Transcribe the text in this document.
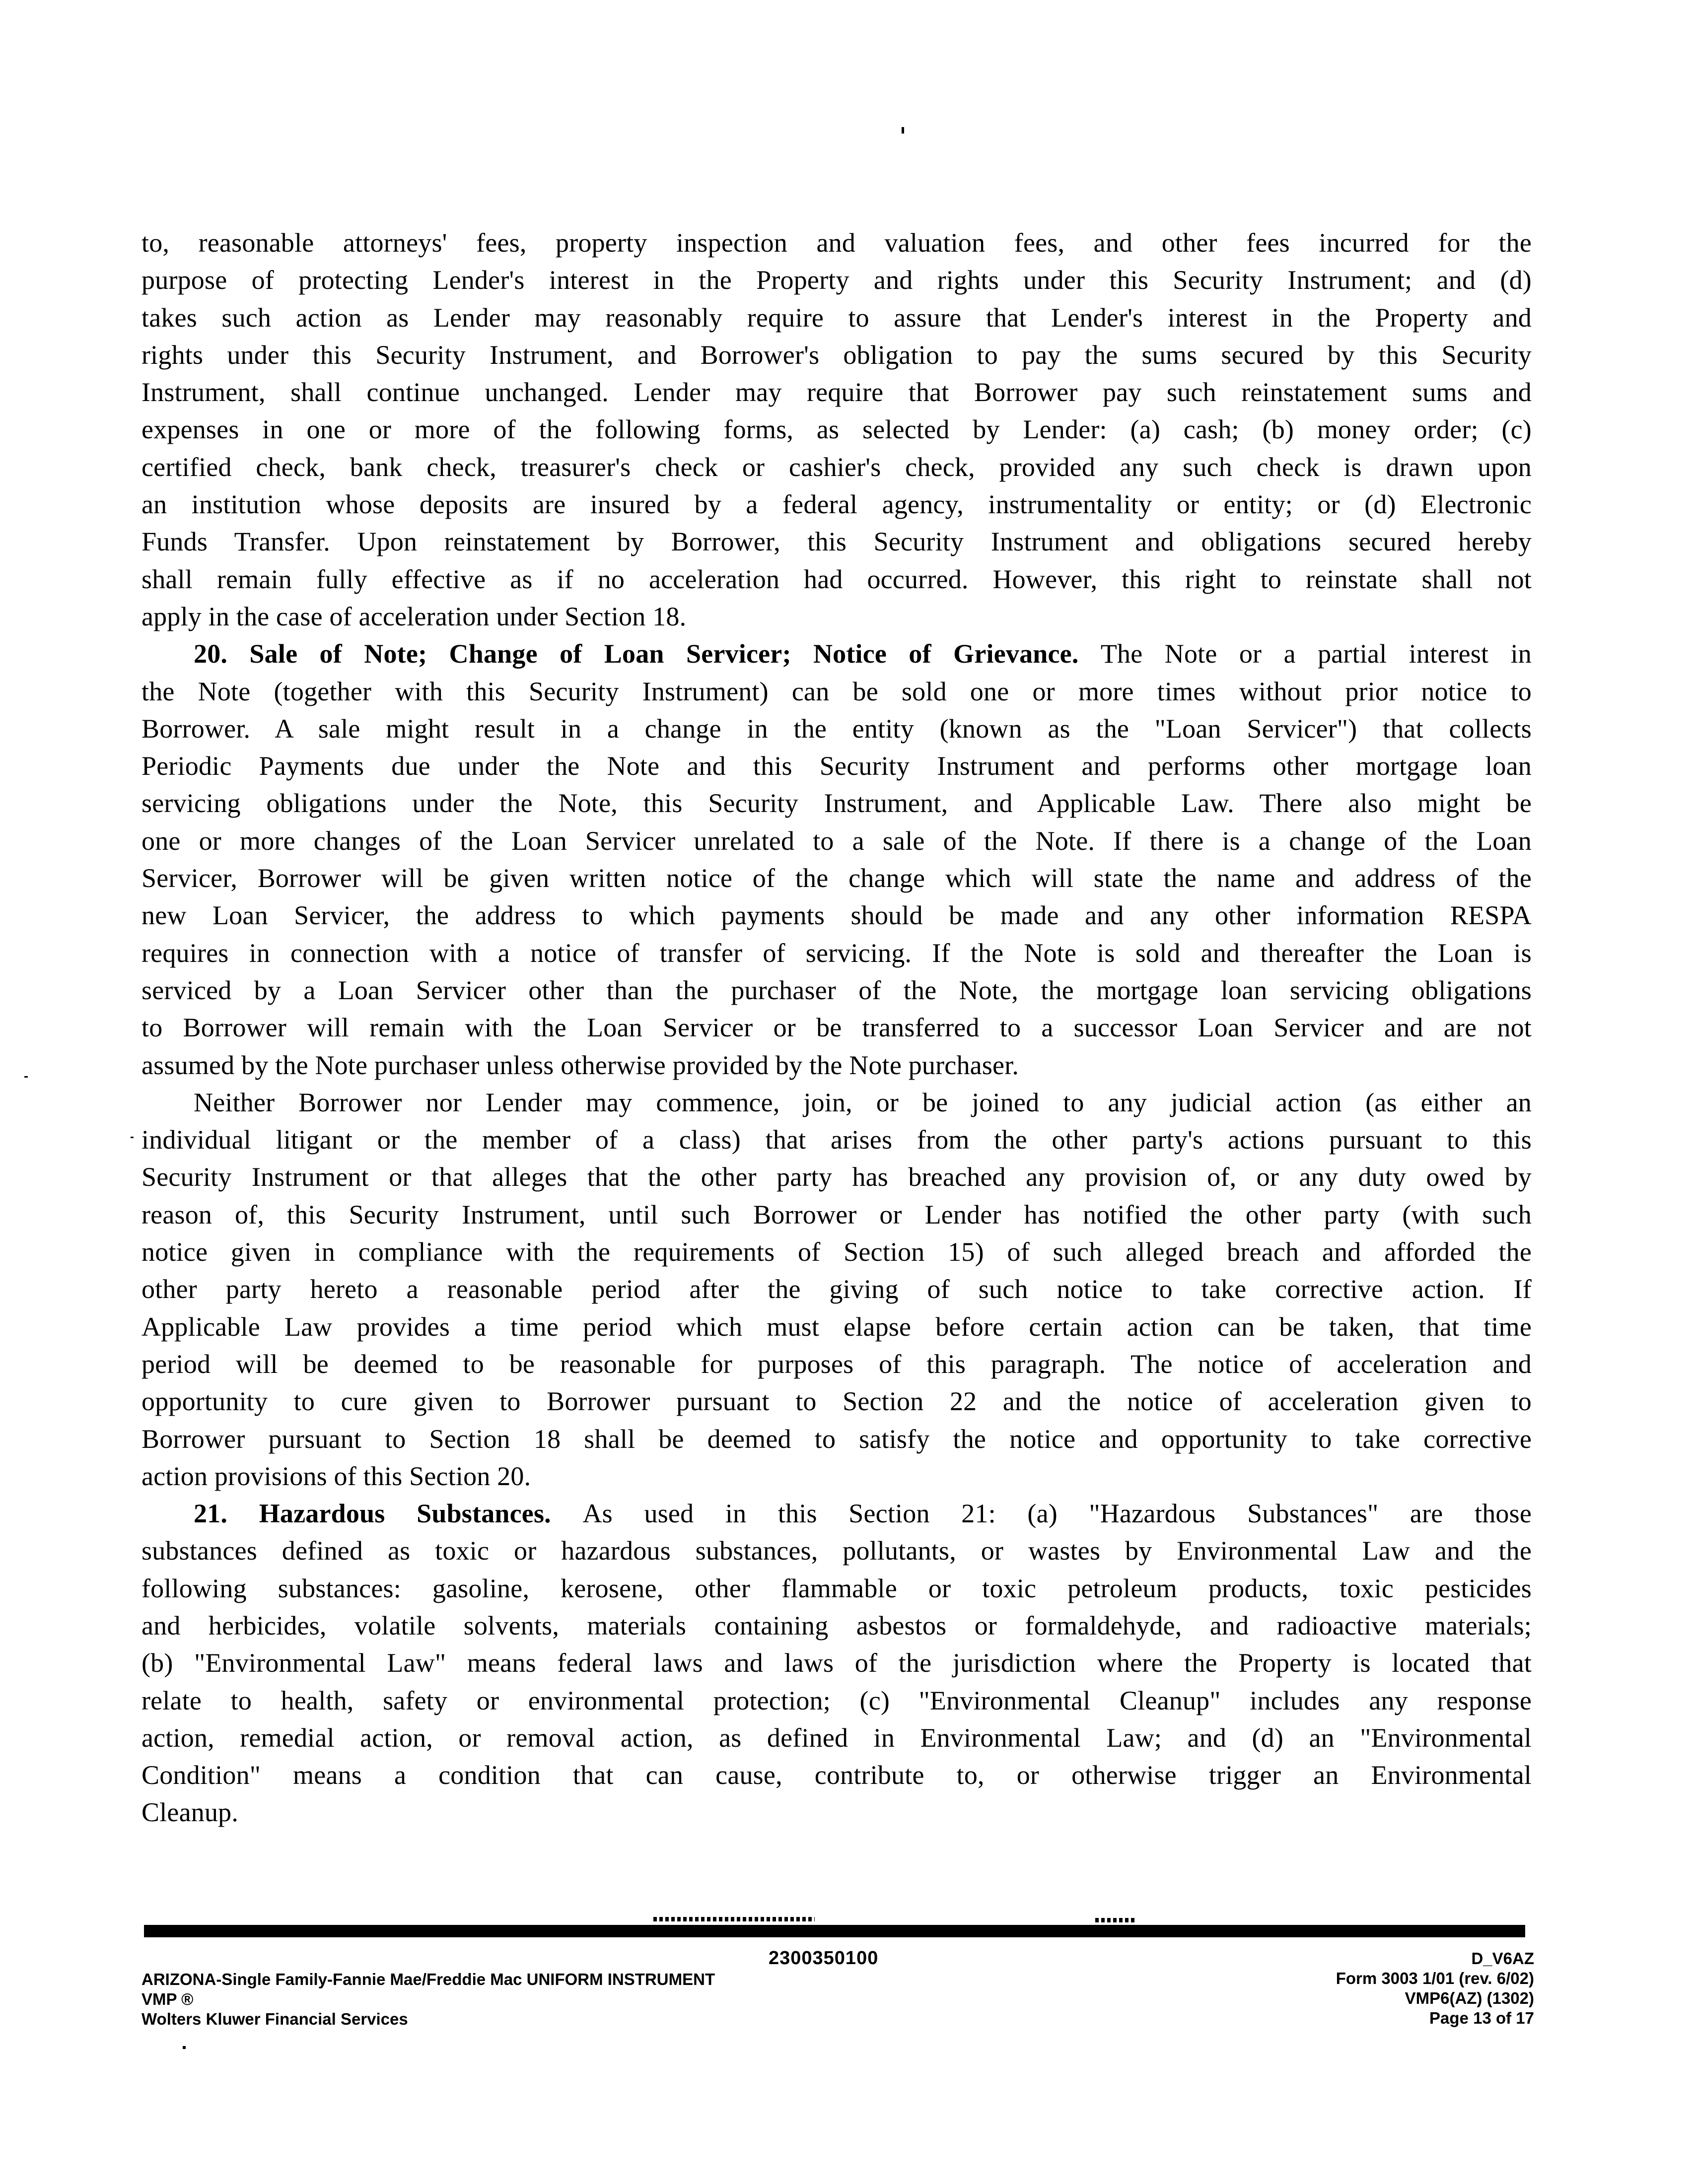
to, reasonable attorneys' fees, property inspection and valuation fees, and other fees incurred for the
purpose of protecting Lender's interest in the Property and rights under this Security Instrument; and (d)
takes such action as Lender may reasonably require to assure that Lender's interest in the Property and
rights under this Security Instrument, and Borrower's obligation to pay the sums secured by this Security
Instrument, shall continue unchanged. Lender may require that Borrower pay such reinstatement sums and
expenses in one or more of the following forms, as selected by Lender: (a) cash; (b) money order; (c)
certified check, bank check, treasurer's check or cashier's check, provided any such check is drawn upon
an institution whose deposits are insured by a federal agency, instrumentality or entity; or (d) Electronic
Funds Transfer. Upon reinstatement by Borrower, this Security Instrument and obligations secured hereby
shall remain fully effective as if no acceleration had occurred. However, this right to reinstate shall not
apply in the case of acceleration under Section 18.
20. Sale of Note; Change of Loan Servicer; Notice of Grievance. The Note or a partial interest in
the Note (together with this Security Instrument) can be sold one or more times without prior notice to
Borrower. A sale might result in a change in the entity (known as the "Loan Servicer") that collects
Periodic Payments due under the Note and this Security Instrument and performs other mortgage loan
servicing obligations under the Note, this Security Instrument, and Applicable Law. There also might be
one or more changes of the Loan Servicer unrelated to a sale of the Note. If there is a change of the Loan
Servicer, Borrower will be given written notice of the change which will state the name and address of the
new Loan Servicer, the address to which payments should be made and any other information RESPA
requires in connection with a notice of transfer of servicing. If the Note is sold and thereafter the Loan is
serviced by a Loan Servicer other than the purchaser of the Note, the mortgage loan servicing obligations
to Borrower will remain with the Loan Servicer or be transferred to a successor Loan Servicer and are not
assumed by the Note purchaser unless otherwise provided by the Note purchaser.
Neither Borrower nor Lender may commence, join, or be joined to any judicial action (as either an
individual litigant or the member of a class) that arises from the other party's actions pursuant to this
Security Instrument or that alleges that the other party has breached any provision of, or any duty owed by
reason of, this Security Instrument, until such Borrower or Lender has notified the other party (with such
notice given in compliance with the requirements of Section 15) of such alleged breach and afforded the
other party hereto a reasonable period after the giving of such notice to take corrective action. If
Applicable Law provides a time period which must elapse before certain action can be taken, that time
period will be deemed to be reasonable for purposes of this paragraph. The notice of acceleration and
opportunity to cure given to Borrower pursuant to Section 22 and the notice of acceleration given to
Borrower pursuant to Section 18 shall be deemed to satisfy the notice and opportunity to take corrective
action provisions of this Section 20.
21. Hazardous Substances. As used in this Section 21: (a) "Hazardous Substances" are those
substances defined as toxic or hazardous substances, pollutants, or wastes by Environmental Law and the
following substances: gasoline, kerosene, other flammable or toxic petroleum products, toxic pesticides
and herbicides, volatile solvents, materials containing asbestos or formaldehyde, and radioactive materials;
(b) "Environmental Law" means federal laws and laws of the jurisdiction where the Property is located that
relate to health, safety or environmental protection; (c) "Environmental Cleanup" includes any response
action, remedial action, or removal action, as defined in Environmental Law; and (d) an "Environmental
Condition" means a condition that can cause, contribute to, or otherwise trigger an Environmental
Cleanup.
2300350100
ARIZONA-Single Family-Fannie Mae/Freddie Mac UNIFORM INSTRUMENT
VMP ®
Wolters Kluwer Financial Services
D_V6AZ
Form 3003 1/01 (rev. 6/02)
VMP6(AZ) (1302)
Page 13 of 17
